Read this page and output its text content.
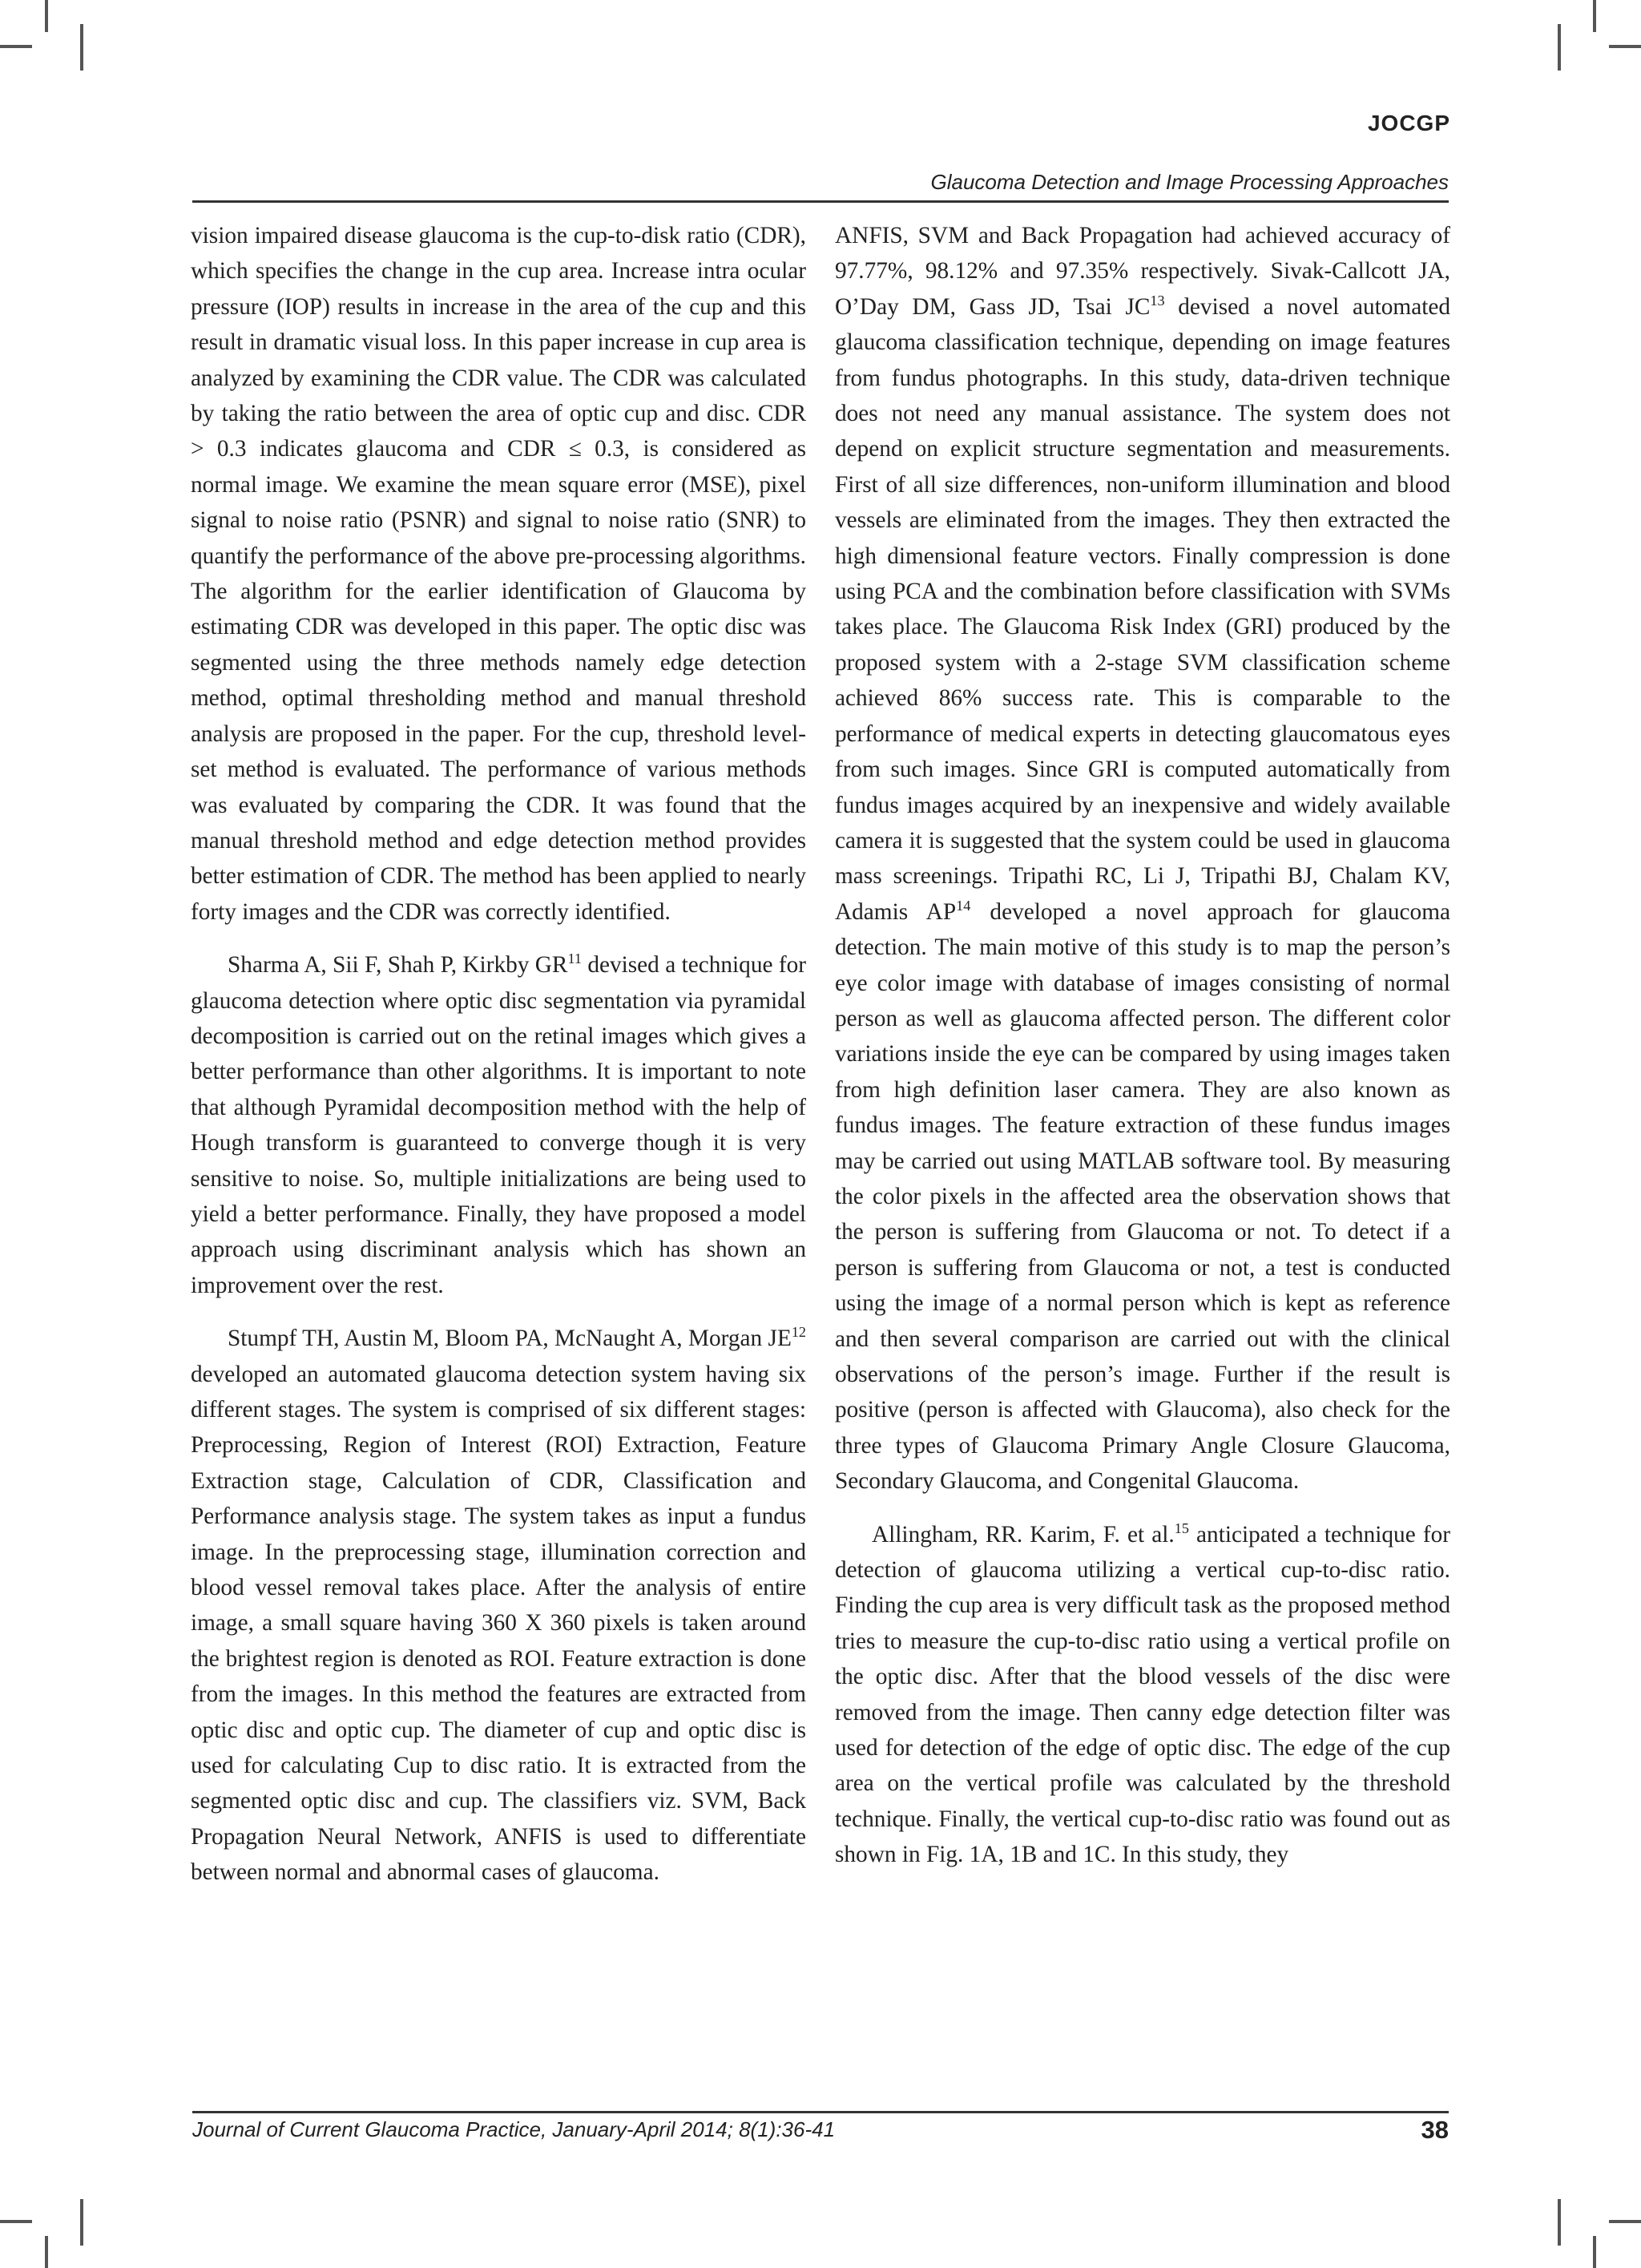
JOCGP
Glaucoma Detection and Image Processing Approaches

vision impaired disease glaucoma is the cup-to-disk ratio (CDR), which specifies the change in the cup area. Increase intra ocular pressure (IOP) results in increase in the area of the cup and this result in dramatic visual loss. In this paper increase in cup area is analyzed by examining the CDR value. The CDR was calculated by taking the ratio between the area of optic cup and disc. CDR > 0.3 indicates glaucoma and CDR ≤ 0.3, is considered as normal image. We examine the mean square error (MSE), pixel signal to noise ratio (PSNR) and signal to noise ratio (SNR) to quantify the performance of the above pre-processing algorithms. The algorithm for the earlier identification of Glaucoma by estimating CDR was developed in this paper. The optic disc was segmented using the three methods namely edge detection method, optimal thresholding method and manual threshold analysis are proposed in the paper. For the cup, threshold level-set method is evaluated. The performance of various methods was evaluated by comparing the CDR. It was found that the manual threshold method and edge detection method provides better estimation of CDR. The method has been applied to nearly forty images and the CDR was correctly identified.

Sharma A, Sii F, Shah P, Kirkby GR$^{11}$ devised a technique for glaucoma detection where optic disc segmentation via pyramidal decomposition is carried out on the retinal images which gives a better performance than other algorithms. It is important to note that although Pyramidal decomposition method with the help of Hough transform is guaranteed to converge though it is very sensitive to noise. So, multiple initializations are being used to yield a better performance. Finally, they have proposed a model approach using discriminant analysis which has shown an improvement over the rest.

Stumpf TH, Austin M, Bloom PA, McNaught A, Morgan JE$^{12}$ developed an automated glaucoma detection system having six different stages. The system is comprised of six different stages: Preprocessing, Region of Interest (ROI) Extraction, Feature Extraction stage, Calculation of CDR, Classification and Performance analysis stage. The system takes as input a fundus image. In the preprocessing stage, illumination correction and blood vessel removal takes place. After the analysis of entire image, a small square having 360 X 360 pixels is taken around the brightest region is denoted as ROI. Feature extraction is done from the images. In this method the features are extracted from optic disc and optic cup. The diameter of cup and optic disc is used for calculating Cup to disc ratio. It is extracted from the segmented optic disc and cup. The classifiers viz. SVM, Back Propagation Neural Network, ANFIS is used to differentiate between normal and abnormal cases of glaucoma.

ANFIS, SVM and Back Propagation had achieved accuracy of 97.77%, 98.12% and 97.35% respectively. Sivak-Callcott JA, O’Day DM, Gass JD, Tsai JC$^{13}$ devised a novel automated glaucoma classification technique, depending on image features from fundus photographs. In this study, data-driven technique does not need any manual assistance. The system does not depend on explicit structure segmentation and measurements. First of all size differences, non-uniform illumination and blood vessels are eliminated from the images. They then extracted the high dimensional feature vectors. Finally compression is done using PCA and the combination before classification with SVMs takes place. The Glaucoma Risk Index (GRI) produced by the proposed system with a 2-stage SVM classification scheme achieved 86% success rate. This is comparable to the performance of medical experts in detecting glaucomatous eyes from such images. Since GRI is computed automatically from fundus images acquired by an inexpensive and widely available camera it is suggested that the system could be used in glaucoma mass screenings. Tripathi RC, Li J, Tripathi BJ, Chalam KV, Adamis AP$^{14}$ developed a novel approach for glaucoma detection. The main motive of this study is to map the person’s eye color image with database of images consisting of normal person as well as glaucoma affected person. The different color variations inside the eye can be compared by using images taken from high definition laser camera. They are also known as fundus images. The feature extraction of these fundus images may be carried out using MATLAB software tool. By measuring the color pixels in the affected area the observation shows that the person is suffering from Glaucoma or not. To detect if a person is suffering from Glaucoma or not, a test is conducted using the image of a normal person which is kept as reference and then several comparison are carried out with the clinical observations of the person’s image. Further if the result is positive (person is affected with Glaucoma), also check for the three types of Glaucoma Primary Angle Closure Glaucoma, Secondary Glaucoma, and Congenital Glaucoma.

Allingham, RR. Karim, F. et al.$^{15}$ anticipated a technique for detection of glaucoma utilizing a vertical cup-to-disc ratio. Finding the cup area is very difficult task as the proposed method tries to measure the cup-to-disc ratio using a vertical profile on the optic disc. After that the blood vessels of the disc were removed from the image. Then canny edge detection filter was used for detection of the edge of optic disc. The edge of the cup area on the vertical profile was calculated by the threshold technique. Finally, the vertical cup-to-disc ratio was found out as shown in Fig. 1A, 1B and 1C. In this study, they

Journal of Current Glaucoma Practice, January-April 2014; 8(1):36-41	38
